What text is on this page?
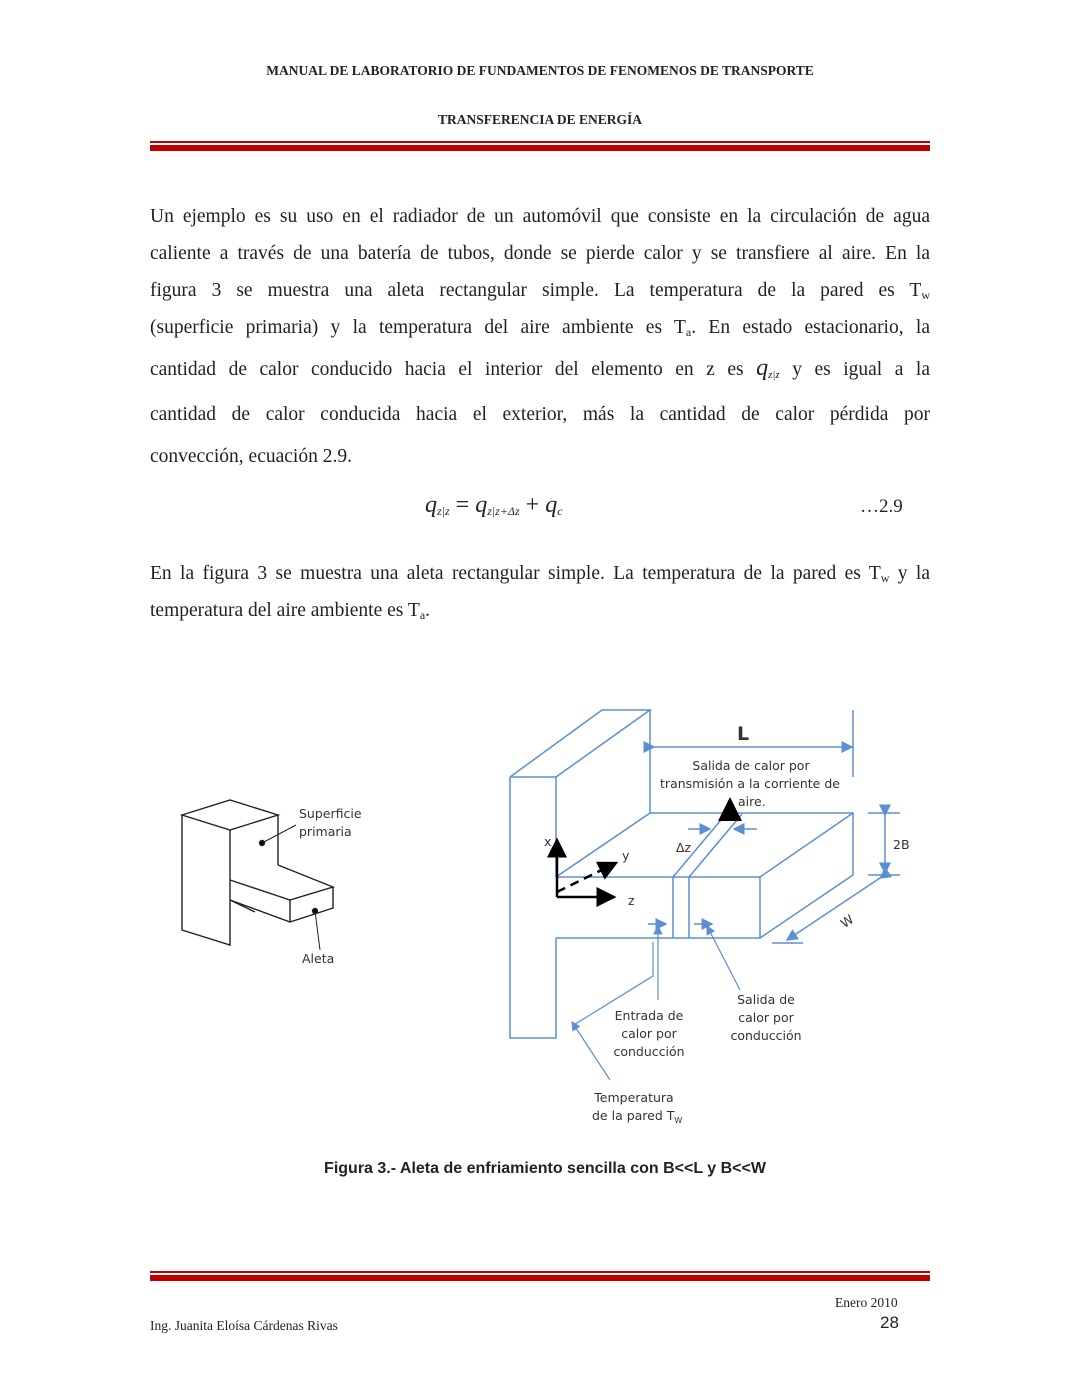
MANUAL DE LABORATORIO DE FUNDAMENTOS DE FENOMENOS DE TRANSPORTE
TRANSFERENCIA DE ENERGÍA
Un ejemplo es su uso en el radiador de un automóvil que consiste en la circulación de agua
caliente a través de una batería de tubos, donde se pierde calor y se transfiere al aire. En la
figura 3 se muestra una aleta rectangular simple. La temperatura de la pared es $T_w$
(superficie primaria) y la temperatura del aire ambiente es $T_a$. En estado estacionario, la
cantidad de calor conducido hacia el interior del elemento en z es $q_{z|z}$ y es igual a la
cantidad de calor conducida hacia el exterior, más la cantidad de calor pérdida por
convección, ecuación 2.9.
$q_{z|z} = q_{z|z+\Delta z} + q_c$	…2.9
En la figura 3 se muestra una aleta rectangular simple. La temperatura de la pared es $T_w$ y la
temperatura del aire ambiente es $T_a$.
Superficie
primaria
Aleta
L
Salida de calor por
transmisión a la corriente de
aire.
Δz	2B
W
x
y
z
Entrada de
calor por
conducción
Salida de
calor por
conducción
Temperatura
de la pared $T_W$
Figura 3.- Aleta de enfriamiento sencilla con B<<L y B<<W
Enero 2010
Ing. Juanita Eloísa Cárdenas Rivas	28
